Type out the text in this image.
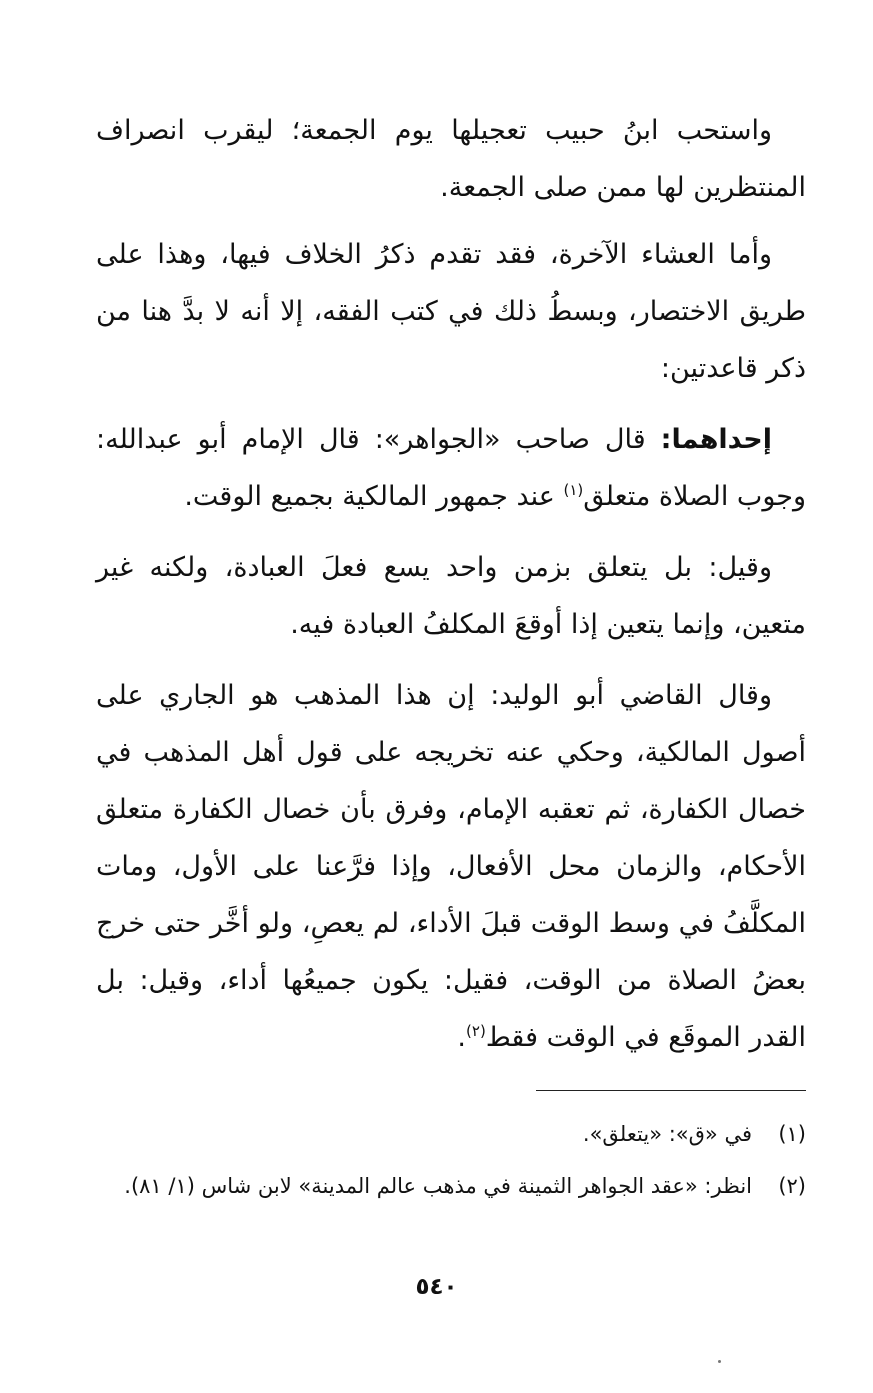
واستحب ابنُ حبيب تعجيلها يوم الجمعة؛ ليقرب انصراف المنتظرين لها ممن صلى الجمعة.

وأما العشاء الآخرة، فقد تقدم ذكرُ الخلاف فيها، وهذا على طريق الاختصار، وبسطُ ذلك في كتب الفقه، إلا أنه لا بدَّ هنا من ذكر قاعدتين:

إحداهما: قال صاحب «الجواهر»: قال الإمام أبو عبدالله: وجوب الصلاة متعلق$^{(١)}$ عند جمهور المالكية بجميع الوقت.

وقيل: بل يتعلق بزمن واحد يسع فعلَ العبادة، ولكنه غير متعين، وإنما يتعين إذا أوقعَ المكلفُ العبادة فيه.

وقال القاضي أبو الوليد: إن هذا المذهب هو الجاري على أصول المالكية، وحكي عنه تخريجه على قول أهل المذهب في خصال الكفارة، ثم تعقبه الإمام، وفرق بأن خصال الكفارة متعلق الأحكام، والزمان محل الأفعال، وإذا فرَّعنا على الأول، ومات المكلَّفُ في وسط الوقت قبلَ الأداء، لم يعصِ، ولو أخَّر حتى خرج بعضُ الصلاة من الوقت، فقيل: يكون جميعُها أداء، وقيل: بل القدر الموقَع في الوقت فقط$^{(٢)}$.

(١)
في «ق»: «يتعلق».
(٢)
انظر: «عقد الجواهر الثمينة في مذهب عالم المدينة» لابن شاس (١/ ٨١).
٥٤٠
